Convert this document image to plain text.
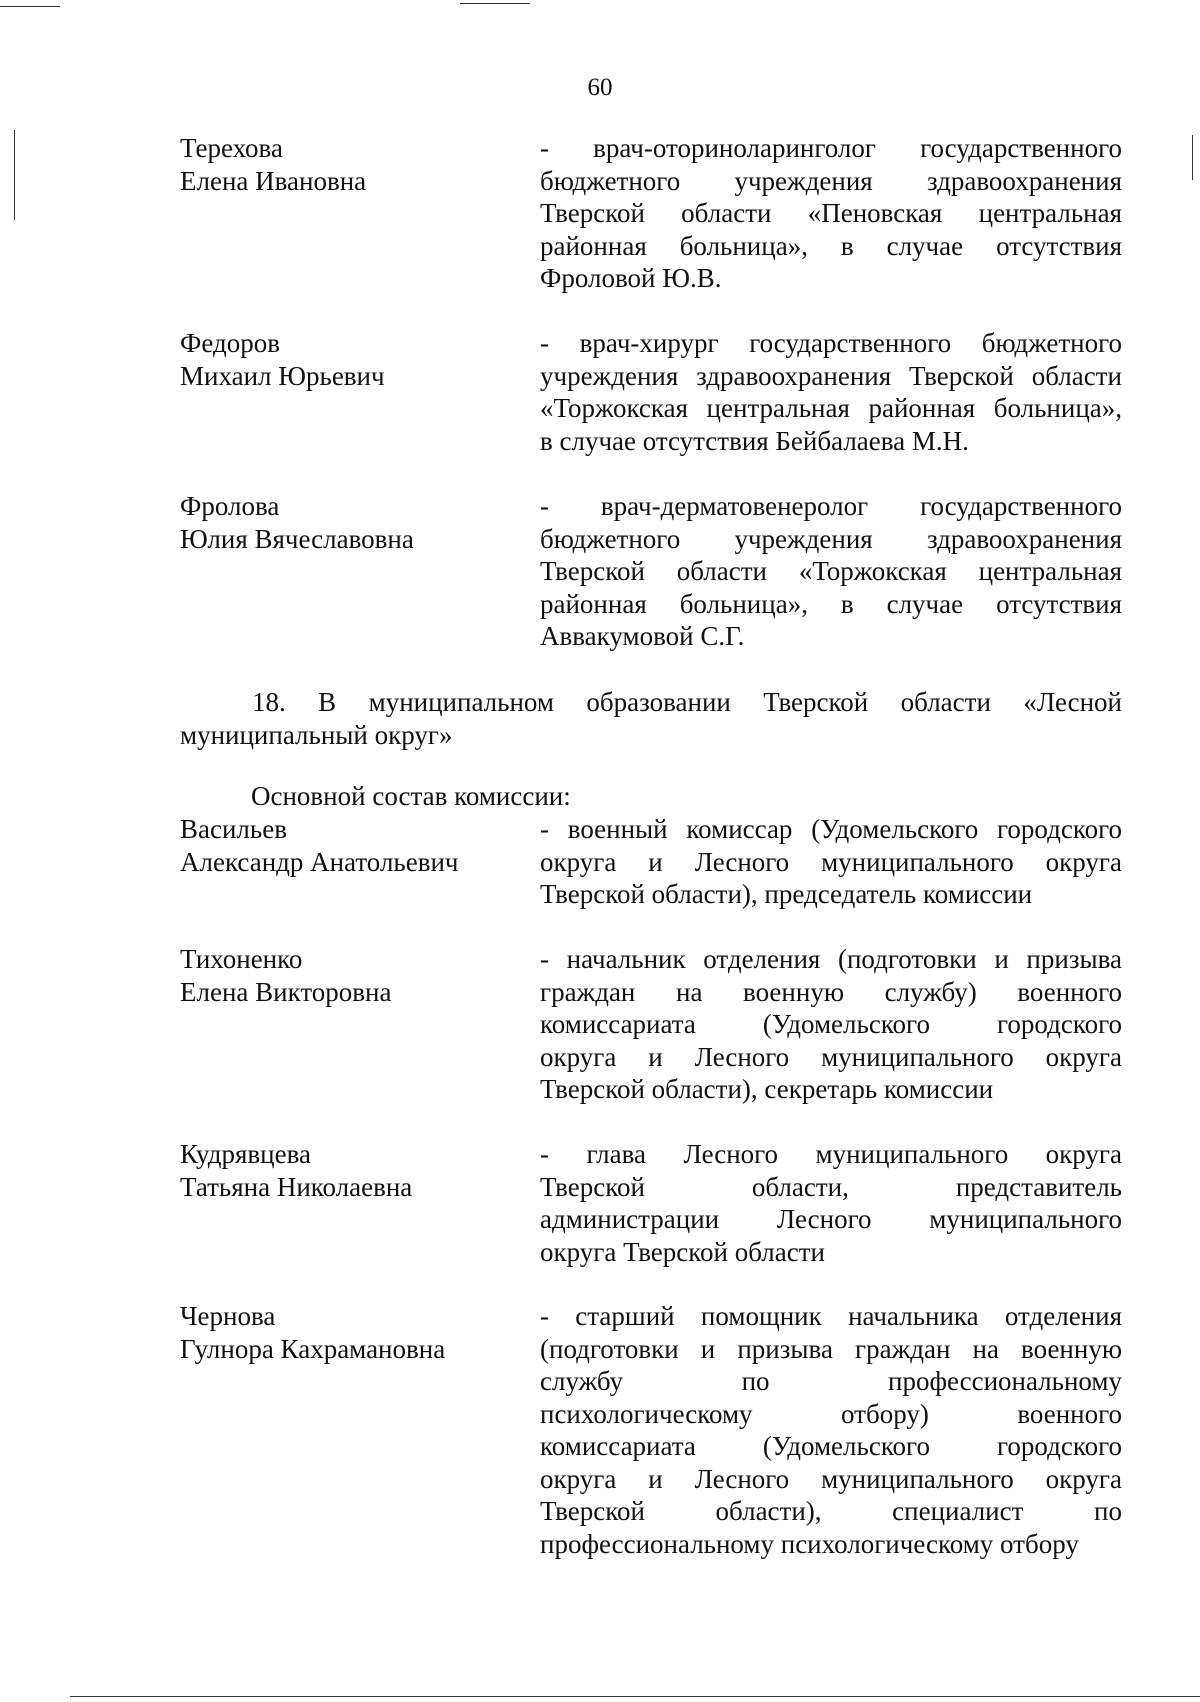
60
Терехова
Елена Ивановна
- врач-оториноларинголог государственного
бюджетного учреждения здравоохранения
Тверской области «Пеновская центральная
районная больница», в случае отсутствия
Фроловой Ю.В.
Федоров
Михаил Юрьевич
- врач-хирург государственного бюджетного
учреждения здравоохранения Тверской области
«Торжокская центральная районная больница»,
в случае отсутствия Бейбалаева М.Н.
Фролова
Юлия Вячеславовна
- врач-дерматовенеролог государственного
бюджетного учреждения здравоохранения
Тверской области «Торжокская центральная
районная больница», в случае отсутствия
Аввакумовой С.Г.
18. В муниципальном образовании Тверской области «Лесной
муниципальный округ»
Основной состав комиссии:
Васильев
Александр Анатольевич
- военный комиссар (Удомельского городского
округа и Лесного муниципального округа
Тверской области), председатель комиссии
Тихоненко
Елена Викторовна
- начальник отделения (подготовки и призыва
граждан на военную службу) военного
комиссариата (Удомельского городского
округа и Лесного муниципального округа
Тверской области), секретарь комиссии
Кудрявцева
Татьяна Николаевна
- глава Лесного муниципального округа
Тверской области, представитель
администрации Лесного муниципального
округа Тверской области
Чернова
Гулнора Кахрамановна
- старший помощник начальника отделения
(подготовки и призыва граждан на военную
службу по профессиональному
психологическому отбору) военного
комиссариата (Удомельского городского
округа и Лесного муниципального округа
Тверской области), специалист по
профессиональному психологическому отбору
